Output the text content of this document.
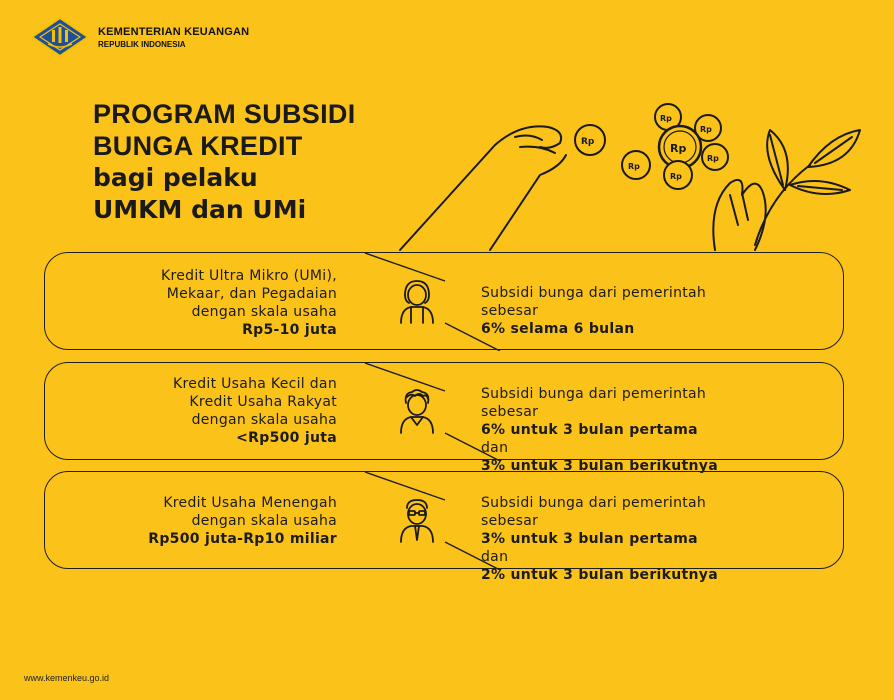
KEMENTERIAN KEUANGAN
REPUBLIK INDONESIA
PROGRAM SUBSIDI
BUNGA KREDIT
bagi pelaku
UMKM dan UMi
Rp
Rp
Rp
Rp
Rp
Rp
Rp
Kredit Ultra Mikro (UMi),
Mekaar, dan Pegadaian
dengan skala usaha
Rp5-10 juta
Subsidi bunga dari pemerintah
sebesar
6% selama 6 bulan
Kredit Usaha Kecil dan
Kredit Usaha Rakyat
dengan skala usaha
<Rp500 juta
Subsidi bunga dari pemerintah
sebesar
6% untuk 3 bulan pertama
dan
3% untuk 3 bulan berikutnya
Kredit Usaha Menengah
dengan skala usaha
Rp500 juta-Rp10 miliar
Subsidi bunga dari pemerintah
sebesar
3% untuk 3 bulan pertama
dan
2% untuk 3 bulan berikutnya
www.kemenkeu.go.id
